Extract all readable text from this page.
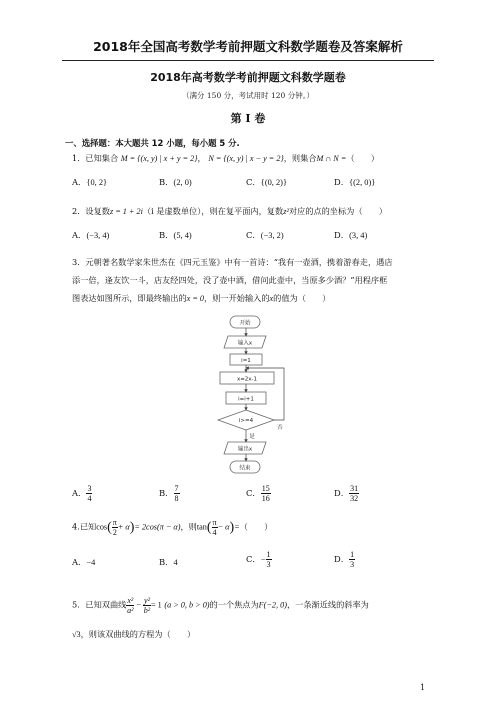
2018年全国高考数学考前押题文科数学题卷及答案解析
2018年高考数学考前押题文科数学题卷
（满分 150 分，考试用时 120 分钟。）
第 Ⅰ 卷
一、选择题：本大题共 12 小题，每小题 5 分.
1．已知集合 M = {(x, y) | x + y = 2}， N = {(x, y) | x − y = 2}，则集合M ∩ N =（　　）
A．{0, 2}	B．(2, 0)	C．{(0, 2)}	D．{(2, 0)}
2．设复数z = 1 + 2i（i 是虚数单位），则在复平面内，复数z²对应的点的坐标为（　　）
A．(−3, 4)	B．(5, 4)	C．(−3, 2)	D．(3, 4)
3．元朝著名数学家朱世杰在《四元玉鉴》中有一首诗：“我有一壶酒，携着游春走，遇店
添一倍，逢友饮一斗，店友经四处，没了壶中酒，借问此壶中，当原多少酒？”用程序框
图表达如图所示，即最终输出的x = 0，则一开始输入的x的值为（　　）
开始
输入x
i=1
x=2x-1
i=i+1
i>=4
否
是
输出x
结束
A． $\frac{3}{4}$	B． $\frac{7}{8}$	C． $\frac{15}{16}$	D． $\frac{31}{32}$
4.已知$\cos( \frac{\pi}{2} + \alpha)= 2\cos(\pi - \alpha)$，则$\tan( \frac{\pi}{4} - \alpha)=$（　　）
A．−4	B．4	C．− $\frac{1}{3}$	D． $\frac{1}{3}$
5．已知双曲线 $\frac{\text{x²}}{\text{a²}} - \frac{\text{y²}}{\text{b²}} = 1$ (a > 0, b > 0)的一个焦点为F(−2, 0)，一条渐近线的斜率为
√3，则该双曲线的方程为（　　）
1
